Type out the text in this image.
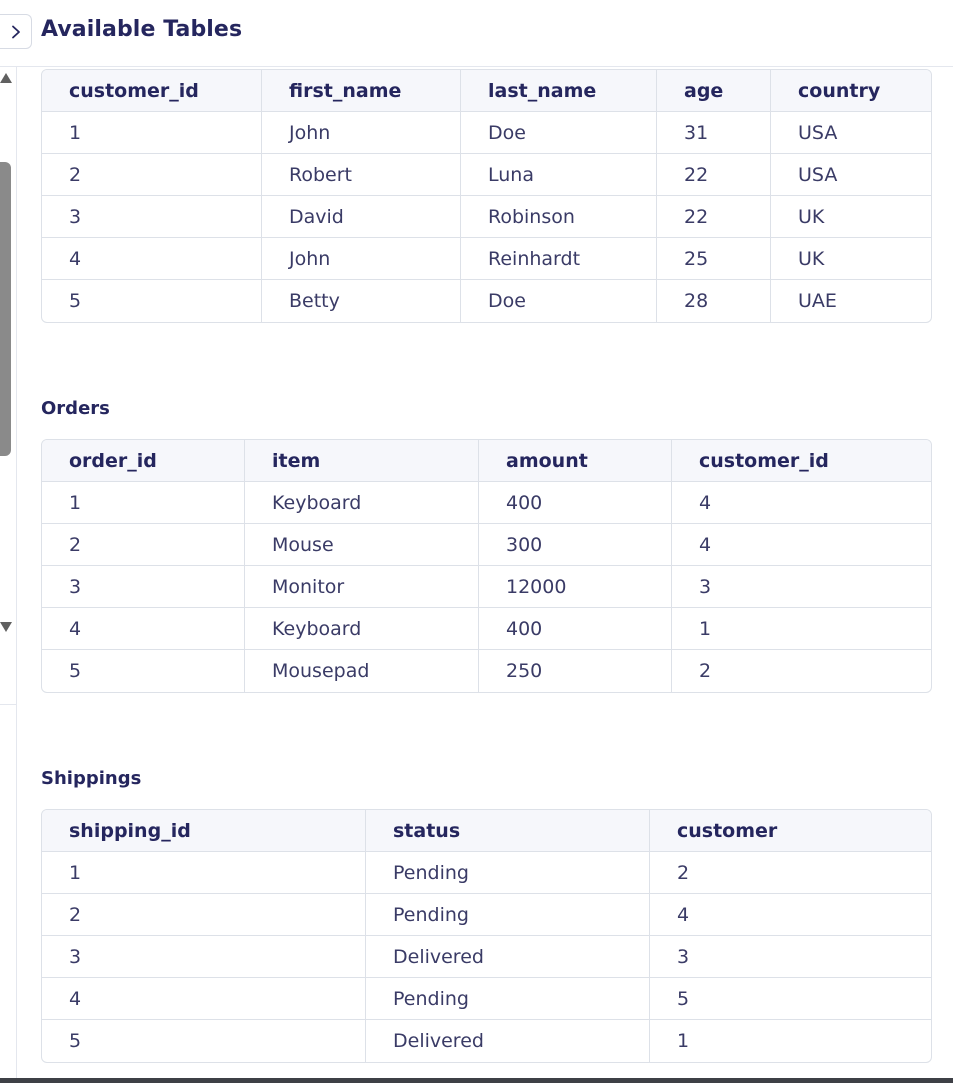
Available Tables
customer_id	first_name	last_name	age	country
1	John	Doe	31	USA
2	Robert	Luna	22	USA
3	David	Robinson	22	UK
4	John	Reinhardt	25	UK
5	Betty	Doe	28	UAE
Orders
order_id	item	amount	customer_id
1	Keyboard	400	4
2	Mouse	300	4
3	Monitor	12000	3
4	Keyboard	400	1
5	Mousepad	250	2
Shippings
shipping_id	status	customer
1	Pending	2
2	Pending	4
3	Delivered	3
4	Pending	5
5	Delivered	1
